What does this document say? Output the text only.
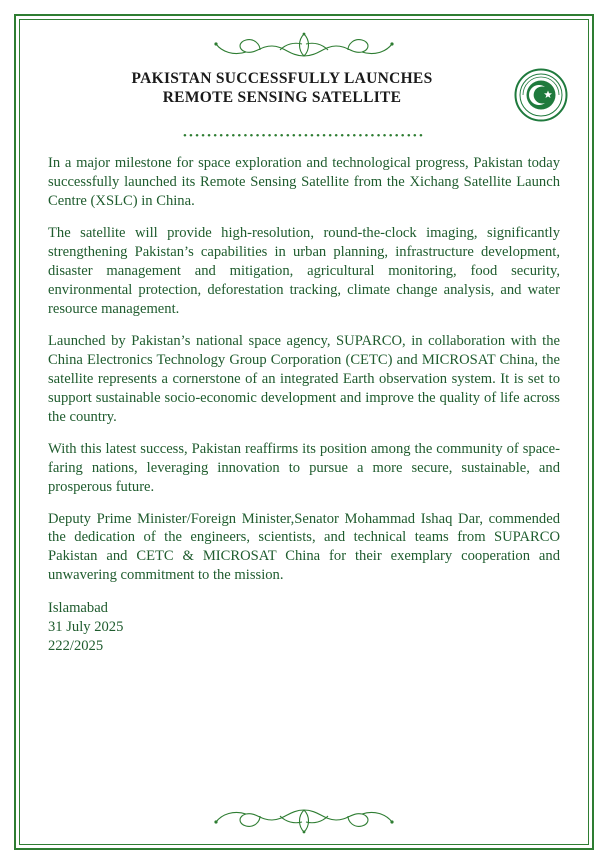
PAKISTAN SUCCESSFULLY LAUNCHES
REMOTE SENSING SATELLITE
••••••••••••••••••••••••••••••••••••••••

In a major milestone for space exploration and technological progress, Pakistan today successfully launched its Remote Sensing Satellite from the Xichang Satellite Launch Centre (XSLC) in China.

The satellite will provide high-resolution, round-the-clock imaging, significantly strengthening Pakistan’s capabilities in urban planning, infrastructure development, disaster management and mitigation, agricultural monitoring, food security, environmental protection, deforestation tracking, climate change analysis, and water resource management.

Launched by Pakistan’s national space agency, SUPARCO, in collaboration with the China Electronics Technology Group Corporation (CETC) and MICROSAT China, the satellite represents a cornerstone of an integrated Earth observation system. It is set to support sustainable socio-economic development and improve the quality of life across the country.

With this latest success, Pakistan reaffirms its position among the community of space-faring nations, leveraging innovation to pursue a more secure, sustainable, and prosperous future.

Deputy Prime Minister/Foreign Minister,Senator Mohammad Ishaq Dar, commended the dedication of the engineers, scientists, and technical teams from SUPARCO Pakistan and CETC & MICROSAT China for their exemplary cooperation and unwavering commitment to the mission.

Islamabad
31 July 2025
222/2025
